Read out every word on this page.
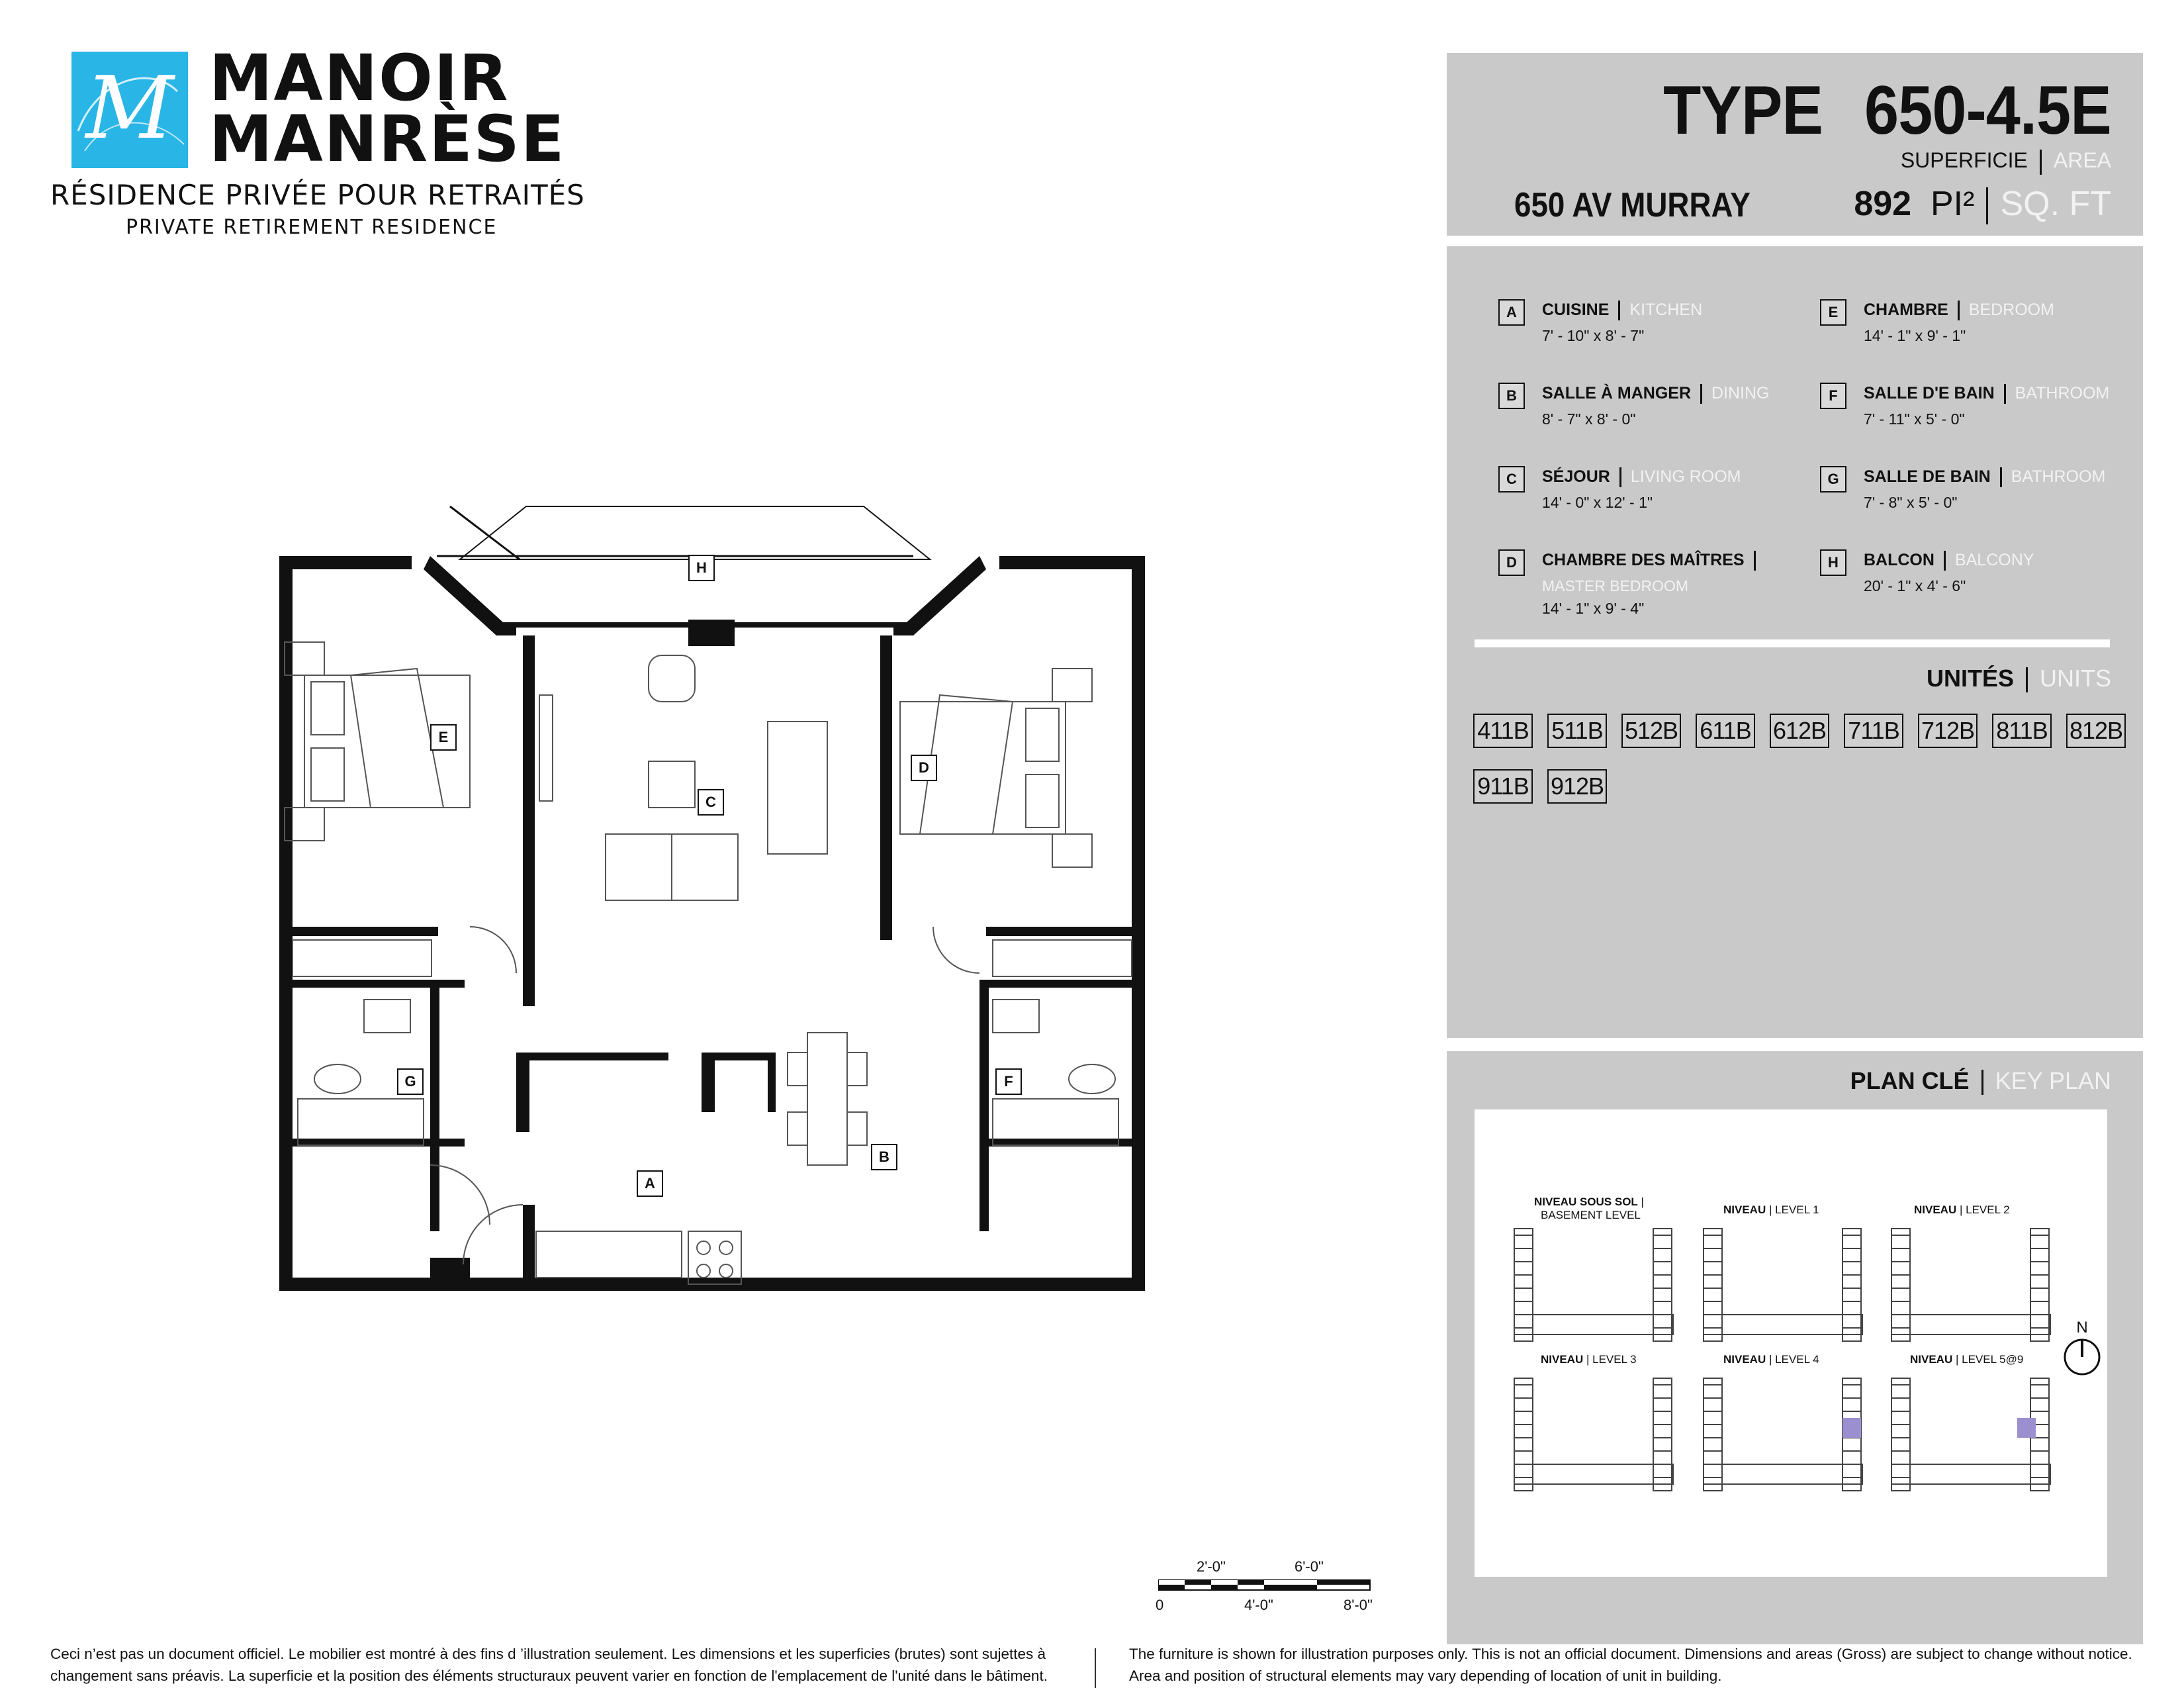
M MANOIR
MANRÈSE
RÉSIDENCE PRIVÉE POUR RETRAITÉS
PRIVATE RETIREMENT RESIDENCE
TYPE 650-4.5E
SUPERFICIE AREA
650 AV MURRAY	892 PI² SQ. FT
A	CUISINE KITCHEN
7' - 10" x 8' - 7"
B	SALLE À MANGER DINING
8' - 7" x 8' - 0"
C	SÉJOUR LIVING ROOM
14' - 0" x 12' - 1"
D	CHAMBRE DES MAÎTRES
MASTER BEDROOM
14' - 1" x 9' - 4"
E	CHAMBRE BEDROOM
14' - 1" x 9' - 1"
F	SALLE D'E BAIN BATHROOM
7' - 11" x 5' - 0"
G	SALLE DE BAIN BATHROOM
7' - 8" x 5' - 0"
H	BALCON BALCONY
20' - 1" x 4' - 6"
UNITÉS UNITS
411B 511B 512B 611B 612B 711B 712B 811B 812B
911B 912B
PLAN CLÉ KEY PLAN
NIVEAU SOUS SOL |
BASEMENT LEVEL	NIVEAU | LEVEL 1	NIVEAU | LEVEL 2
NIVEAU | LEVEL 3	NIVEAU | LEVEL 4	NIVEAU | LEVEL 5@9
N
A
B
C
D
E
F
G
H
2'-0"	6'-0"
0	4'-0"	8'-0"
Ceci n’est pas un document officiel. Le mobilier est montré à des fins d ’illustration seulement. Les dimensions et les superficies (brutes) sont sujettes à changement sans préavis. La superficie et la position des éléments structuraux peuvent varier en fonction de l'emplacement de l'unité dans le bâtiment.
The furniture is shown for illustration purposes only. This is not an official document. Dimensions and areas (Gross) are subject to change without notice. Area and position of structural elements may vary depending of location of unit in building.
